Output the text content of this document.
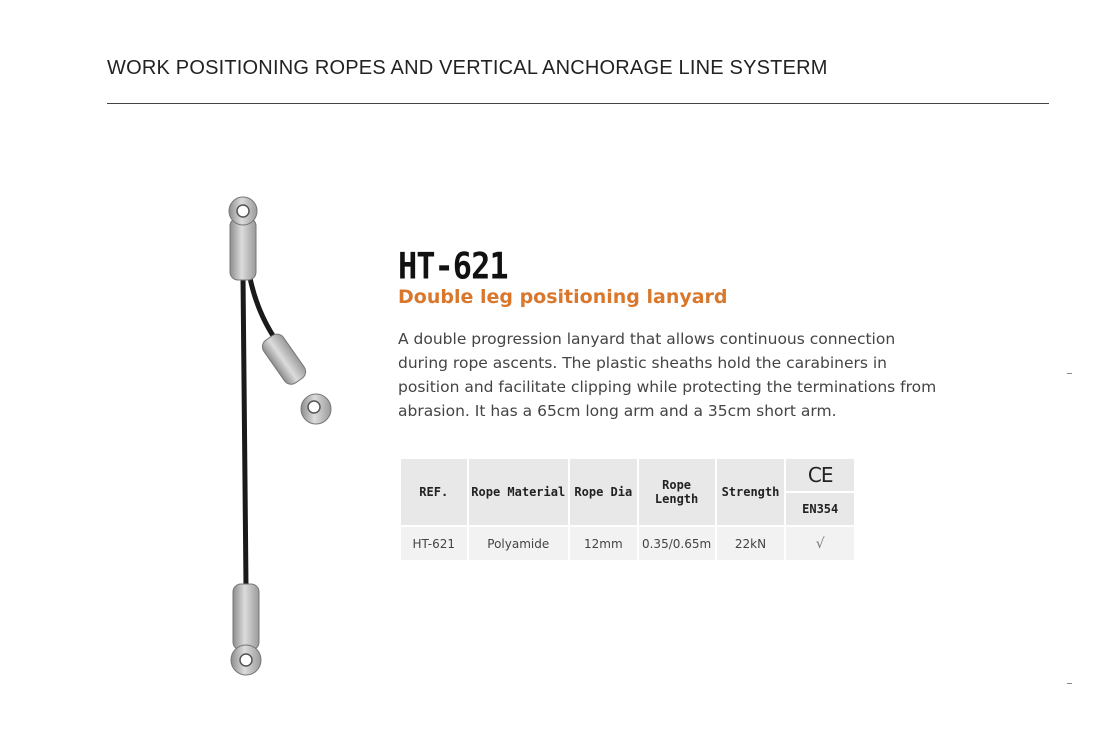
WORK POSITIONING ROPES AND VERTICAL ANCHORAGE LINE SYSTERM
HT-621
Double leg positioning lanyard

A double progression lanyard that allows continuous connection during rope ascents. The plastic sheaths hold the carabiners in position and facilitate clipping while protecting the terminations from abrasion. It has a 65cm long arm and a 35cm short arm.

REF.	Rope Material	Rope Dia	Rope Length	Strength	CE
					EN354
HT-621	Polyamide	12mm	0.35/0.65m	22kN	√
